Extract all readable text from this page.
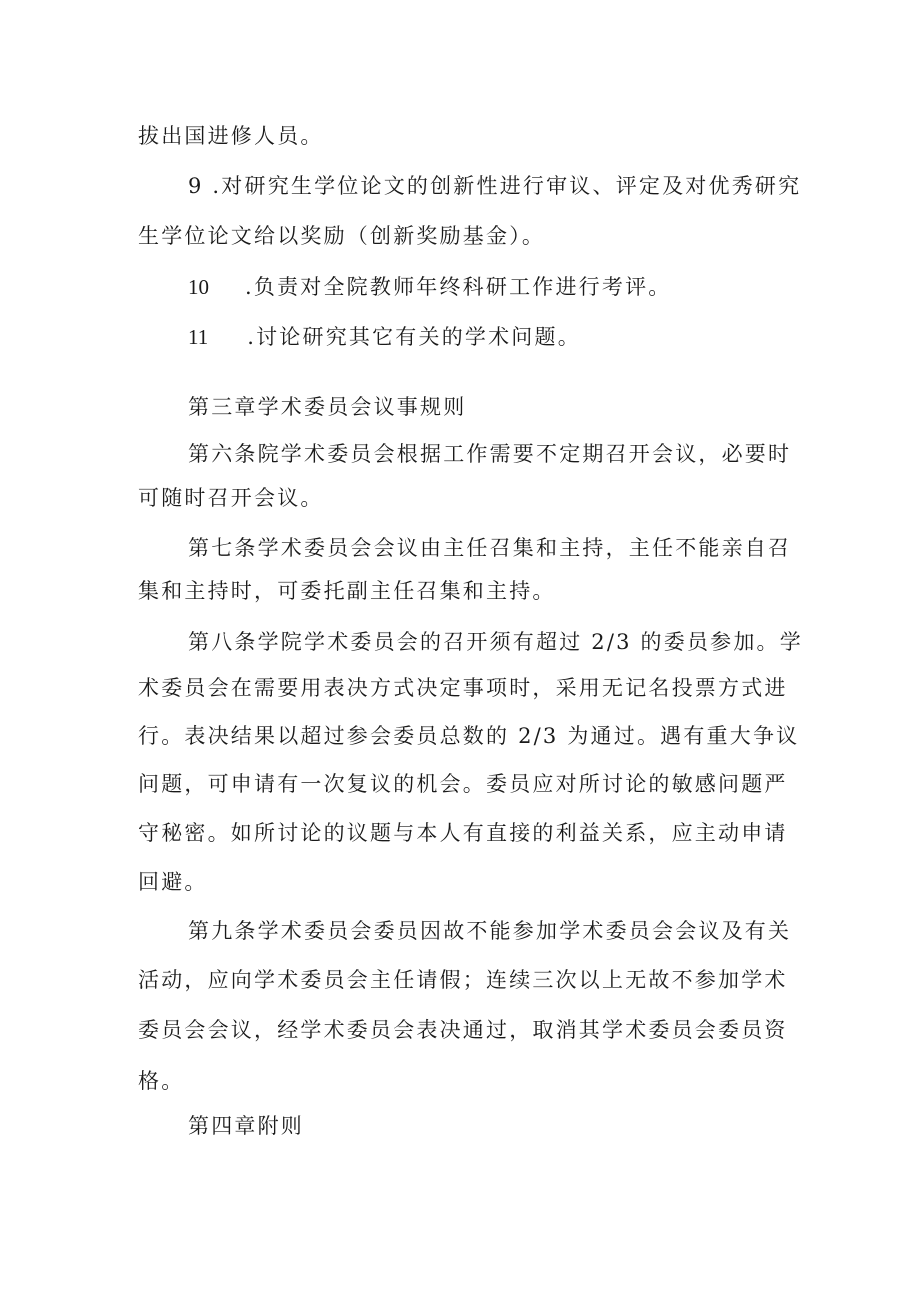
拔出国进修人员。

9 .对研究生学位论文的创新性进行审议、评定及对优秀研究

生学位论文给以奖励（创新奖励基金）。

10 .负责对全院教师年终科研工作进行考评。

11 .讨论研究其它有关的学术问题。

第三章学术委员会议事规则

第六条院学术委员会根据工作需要不定期召开会议，必要时

可随时召开会议。

第七条学术委员会会议由主任召集和主持，主任不能亲自召

集和主持时，可委托副主任召集和主持。

第八条学院学术委员会的召开须有超过 2/3 的委员参加。学

术委员会在需要用表决方式决定事项时，采用无记名投票方式进

行。表决结果以超过参会委员总数的 2/3 为通过。遇有重大争议

问题，可申请有一次复议的机会。委员应对所讨论的敏感问题严

守秘密。如所讨论的议题与本人有直接的利益关系，应主动申请

回避。

第九条学术委员会委员因故不能参加学术委员会会议及有关

活动，应向学术委员会主任请假；连续三次以上无故不参加学术

委员会会议，经学术委员会表决通过，取消其学术委员会委员资

格。

第四章附则
